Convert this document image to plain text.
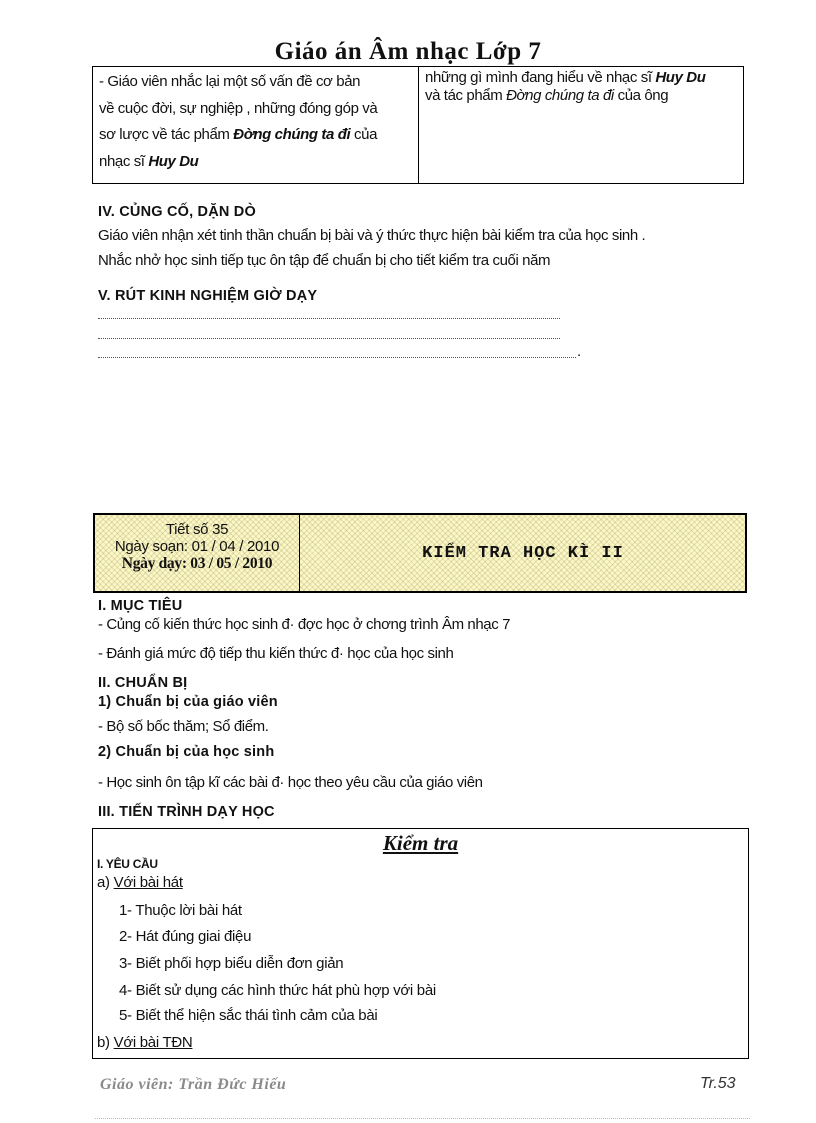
Giáo án Âm nhạc Lớp 7
- Giáo viên nhắc lại một số vấn đề cơ bản
về cuộc đời, sự nghiệp , những đóng góp và
sơ lược về tác phẩm Đờng chúng ta đi của
nhạc sĩ Huy Du
những gì mình đang hiểu về nhạc sĩ Huy Du
và tác phẩm Đờng chúng ta đi của ông
IV. CỦNG CỐ, DẶN DÒ
Giáo viên nhận xét tinh thần chuẩn bị bài và ý thức thực hiện bài kiểm tra của học sinh .
Nhắc nhở học sinh tiếp tục ôn tập để chuẩn bị cho tiết kiểm tra cuối năm
V. RÚT KINH NGHIỆM GIỜ DẠY
.
Tiết số 35
Ngày soạn: 01 / 04 / 2010
Ngày dạy: 03 / 05 / 2010
KIỂM TRA HỌC KÌ II
I. MỤC TIÊU
- Củng cố kiến thức học sinh đ· đợc học ở chơng trình Âm nhạc 7
- Đánh giá mức độ tiếp thu kiến thức đ· học của học sinh
II. CHUẨN BỊ
1) Chuẩn bị của giáo viên
- Bộ số bốc thăm; Sổ điểm.
2) Chuẩn bị của học sinh
- Học sinh ôn tập kĩ các bài đ· học theo yêu cầu của giáo viên
III. TIẾN TRÌNH DẠY HỌC
Kiểm tra
I. YÊU CẦU
a) Với bài hát
1- Thuộc lời bài hát
2- Hát đúng giai điệu
3- Biết phối hợp biểu diễn đơn giản
4- Biết sử dụng các hình thức hát phù hợp với bài
5- Biết thể hiện sắc thái tình cảm của bài
b) Với bài TĐN
Giáo viên: Trần Đức Hiếu	Tr.53
